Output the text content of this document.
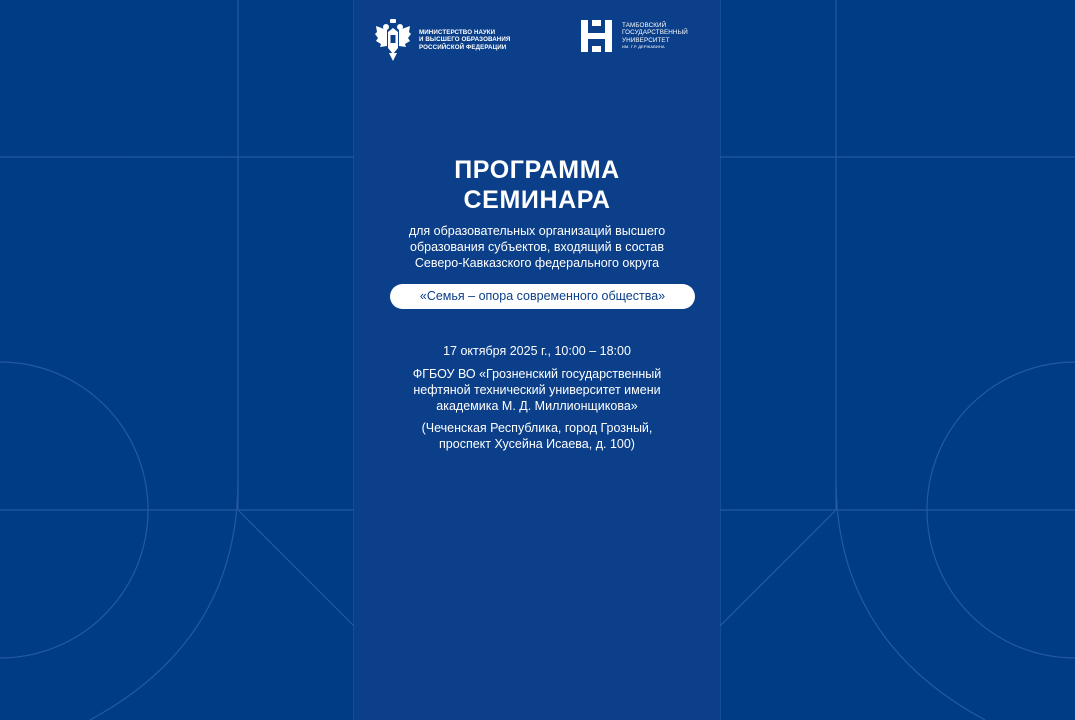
МИНИСТЕРСТВО НАУКИ
И ВЫСШЕГО ОБРАЗОВАНИЯ
РОССИЙСКОЙ ФЕДЕРАЦИИ
ТАМБОВСКИЙ
ГОСУДАРСТВЕННЫЙ
УНИВЕРСИТЕТ
ИМ. Г.Р. ДЕРЖАВИНА
ПРОГРАММА
СЕМИНАРА
для образовательных организаций высшего
образования субъектов, входящий в состав
Северо-Кавказского федерального округа
«Семья – опора современного общества»
17 октября 2025 г., 10:00 – 18:00
ФГБОУ ВО «Грозненский государственный
нефтяной технический университет имени
академика М. Д. Миллионщикова»
(Чеченская Республика, город Грозный,
проспект Хусейна Исаева, д. 100)
